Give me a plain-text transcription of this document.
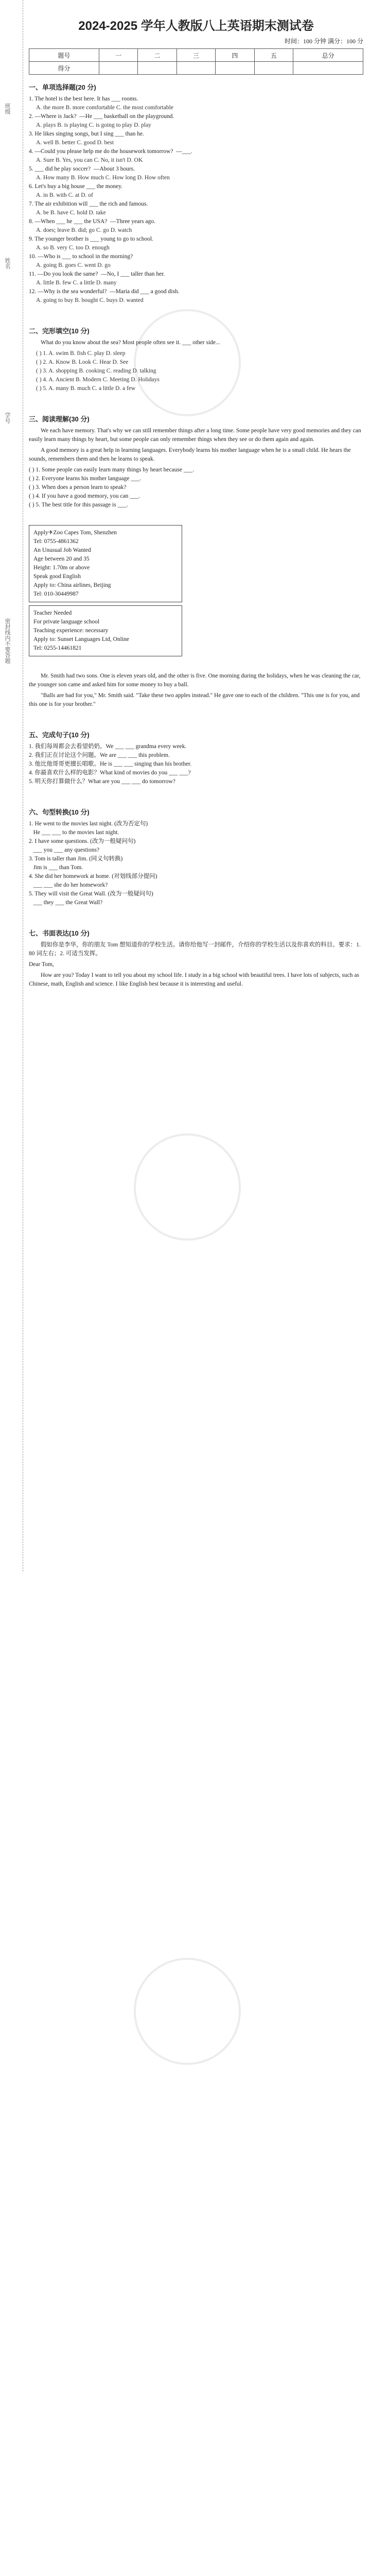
班级
姓名
学号
密封线内不要答题
2024-2025 学年人教版八上英语期末测试卷
时间：100 分钟 满分：100 分
题号	一	二	三	四	五	总分
得分						
一、单项选择题(20 分)
1. The hotel is the best here. It has ___ rooms.
A. the more B. more comfortable C. the most comfortable
2. —Where is Jack?  —He ___ basketball on the playground.
A. plays B. is playing C. is going to play D. play
3. He likes singing songs, but I sing ___ than he.
A. well B. better C. good D. best
4. —Could you please help me do the housework tomorrow?  —___.
A. Sure B. Yes, you can C. No, it isn't D. OK
5. ___ did he play soccer?  —About 3 hours.
A. How many B. How much C. How long D. How often
6. Let's buy a big house ___ the money.
A. in B. with C. at D. of
7. The air exhibition will ___ the rich and famous.
A. be B. have C. hold D. take
8. —When ___ he ___ the USA?  —Three years ago.
A. does; leave B. did; go C. go D. watch
9. The younger brother is ___ young to go to school.
A. so B. very C. too D. enough
10. —Who is ___ to school in the morning?
A. going B. goes C. went D. go
11. —Do you look the same?  —No, I ___ taller than her.
A. little B. few C. a little D. many
12. —Why is the sea wonderful?  —Maria did ___ a good dish.
A. going to buy B. bought C. buys D. wanted
二、完形填空(10 分)

What do you know about the sea? Most people often see it. ___ other side...

( ) 1. A. swim B. fish C. play D. sleep
( ) 2. A. Know B. Look C. Hear D. See
( ) 3. A. shopping B. cooking C. reading D. talking
( ) 4. A. Ancient B. Modern C. Meeting D. Holidays
( ) 5. A. many B. much C. a little D. a few
三、阅读理解(30 分)

We each have memory. That's why we can still remember things after a long time. Some people have very good memories and they can easily learn many things by heart, but some people can only remember things when they see or do them again and again.

A good memory is a great help in learning languages. Everybody learns his mother language when he is a small child. He hears the sounds, remembers them and then he learns to speak.

( ) 1. Some people can easily learn many things by heart because ___.
( ) 2. Everyone learns his mother language ___.
( ) 3. When does a person learn to speak?
( ) 4. If you have a good memory, you can ___.
( ) 5. The best title for this passage is ___.
Apply✈Zoo Capes Tom, Shenzhen
Tel: 0755-4861362
An Unusual Job Wanted
Age between 20 and 35
Height: 1.70m or above
Speak good English
Apply to: China airlines, Beijing
Tel: 010-30449987
Teacher Needed
For private language school
Teaching experience: necessary
Apply to: Sunset Languages Ltd, Online
Tel: 0255-14461821

Mr. Smith had two sons. One is eleven years old, and the other is five. One morning during the holidays, when he was cleaning the car, the younger son came and asked him for some money to buy a ball.

"Balls are bad for you," Mr. Smith said. "Take these two apples instead." He gave one to each of the children. "This one is for you, and this one is for your brother."

五、完成句子(10 分)
1. 我们每周都会去看望奶奶。We ___ ___ grandma every week.
2. 我们正在讨论这个问题。We are ___ ___ this problem.
3. 他比他哥哥更擅长唱歌。He is ___ ___ singing than his brother.
4. 你最喜欢什么样的电影？What kind of movies do you ___ ___?
5. 明天你打算做什么？What are you ___ ___ do tomorrow?
六、句型转换(10 分)
1. He went to the movies last night. (改为否定句)
He ___ ___ to the movies last night.
2. I have some questions. (改为一般疑问句)
___ you ___ any questions?
3. Tom is taller than Jim. (同义句转换)
Jim is ___ than Tom.
4. She did her homework at home. (对划线部分提问)
___ ___ she do her homework?
5. They will visit the Great Wall. (改为一般疑问句)
___ they ___ the Great Wall?
七、书面表达(10 分)

假如你是李华，你的朋友 Tom 想知道你的学校生活。请你给他写一封邮件，介绍你的学校生活以及你喜欢的科目。要求：1. 80 词左右；2. 可适当发挥。

Dear Tom,

How are you? Today I want to tell you about my school life. I study in a big school with beautiful trees. I have lots of subjects, such as Chinese, math, English and science. I like English best because it is interesting and useful.
